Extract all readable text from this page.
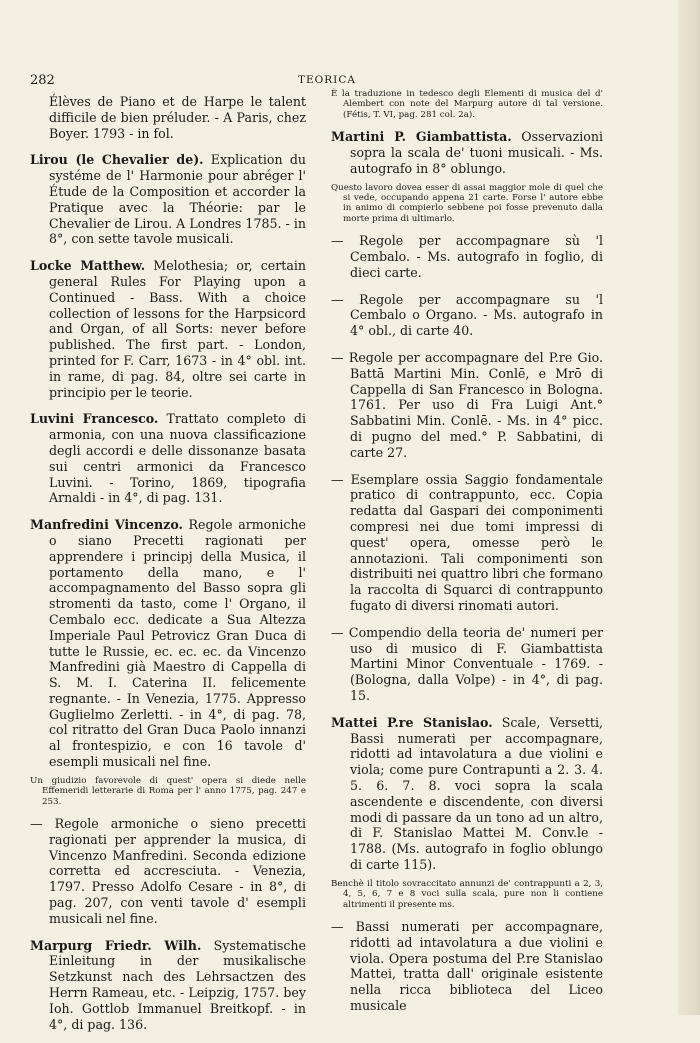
282	TEORICA

Élèves de Piano et de Harpe le talent difficile de bien préluder. - A Paris, chez Boyer. 1793 - in fol.

Lirou (le Chevalier de). Explication du systéme de l' Harmonie pour abréger l' Étude de la Composition et accorder la Pratique avec la Théorie: par le Chevalier de Lirou. A Londres 1785. - in 8°, con sette tavole musicali.

Locke Matthew. Melothesia; or, certain general Rules For Playing upon a Continued - Bass. With a choice collection of lessons for the Harpsicord and Organ, of all Sorts: never before published. The first part. - London, printed for F. Carr, 1673 - in 4° obl. int. in rame, di pag. 84, oltre sei carte in principio per le teorie.

Luvini Francesco. Trattato completo di armonia, con una nuova classificazione degli accordi e delle dissonanze basata sui centri armonici da Francesco Luvini. - Torino, 1869, tipografia Arnaldi - in 4°, di pag. 131.

Manfredini Vincenzo. Regole armoniche o siano Precetti ragionati per apprendere i principj della Musica, il portamento della mano, e l' accompagnamento del Basso sopra gli stromenti da tasto, come l' Organo, il Cembalo ecc. dedicate a Sua Altezza Imperiale Paul Petrovicz Gran Duca di tutte le Russie, ec. ec. ec. da Vincenzo Manfredini già Maestro di Cappella di S. M. I. Caterina II. felicemente regnante. - In Venezia, 1775. Appresso Guglielmo Zerletti. - in 4°, di pag. 78, col ritratto del Gran Duca Paolo innanzi al frontespizio, e con 16 tavole d' esempli musicali nel fine.

Un giudizio favorevole di quest' opera si diede nelle Effemeridi letterarie di Roma per l' anno 1775, pag. 247 e 253.

— Regole armoniche o sieno precetti ragionati per apprender la musica, di Vincenzo Manfredini. Seconda edizione corretta ed accresciuta. - Venezia, 1797. Presso Adolfo Cesare - in 8°, di pag. 207, con venti tavole d' esempli musicali nel fine.

Marpurg Friedr. Wilh. Systematische Einleitung in der musikalische Setzkunst nach des Lehrsactzen des Herrn Rameau, etc. - Leipzig, 1757. bey Ioh. Gottlob Immanuel Breitkopf. - in 4°, di pag. 136.

È la traduzione in tedesco degli Elementi di musica del d' Alembert con note del Marpurg autore di tal versione. (Fétis, T. VI, pag. 281 col. 2a).

Martini P. Giambattista. Osservazioni sopra la scala de' tuoni musicali. - Ms. autografo in 8° oblungo.

Questo lavoro dovea esser di assai maggior mole di quel che si vede, occupando appena 21 carte. Forse l' autore ebbe in animo di compierlo sebbene poi fosse prevenuto dalla morte prima di ultimarlo.

— Regole per accompagnare sù 'l Cembalo. - Ms. autografo in foglio, di dieci carte.

— Regole per accompagnare su 'l Cembalo o Organo. - Ms. autografo in 4° obl., di carte 40.

— Regole per accompagnare del P.re Gio. Battā Martini Min. Conlē, e Mrō di Cappella di San Francesco in Bologna. 1761. Per uso di Fra Luigi Ant.° Sabbatini Min. Conlē. - Ms. in 4° picc. di pugno del med.° P. Sabbatini, di carte 27.

— Esemplare ossia Saggio fondamentale pratico di contrappunto, ecc. Copia redatta dal Gaspari dei componimenti compresi nei due tomi impressi di quest' opera, omesse però le annotazioni. Tali componimenti son distribuiti nei quattro libri che formano la raccolta di Squarci di contrappunto fugato di diversi rinomati autori.

— Compendio della teoria de' numeri per uso di musico di F. Giambattista Martini Minor Conventuale - 1769. - (Bologna, dalla Volpe) - in 4°, di pag. 15.

Mattei P.re Stanislao. Scale, Versetti, Bassi numerati per accompagnare, ridotti ad intavolatura a due violini e viola; come pure Contrapunti a 2. 3. 4. 5. 6. 7. 8. voci sopra la scala ascendente e discendente, con diversi modi di passare da un tono ad un altro, di F. Stanislao Mattei M. Conv.le - 1788. (Ms. autografo in foglio oblungo di carte 115).

Benchè il titolo sovraccitato annunzi de' contrappunti a 2, 3, 4, 5, 6, 7 e 8 voci sulla scala, pure non li contiene altrimenti il presente ms.

— Bassi numerati per accompagnare, ridotti ad intavolatura a due violini e viola. Opera postuma del P.re Stanislao Mattei, tratta dall' originale esistente nella ricca biblioteca del Liceo musicale
